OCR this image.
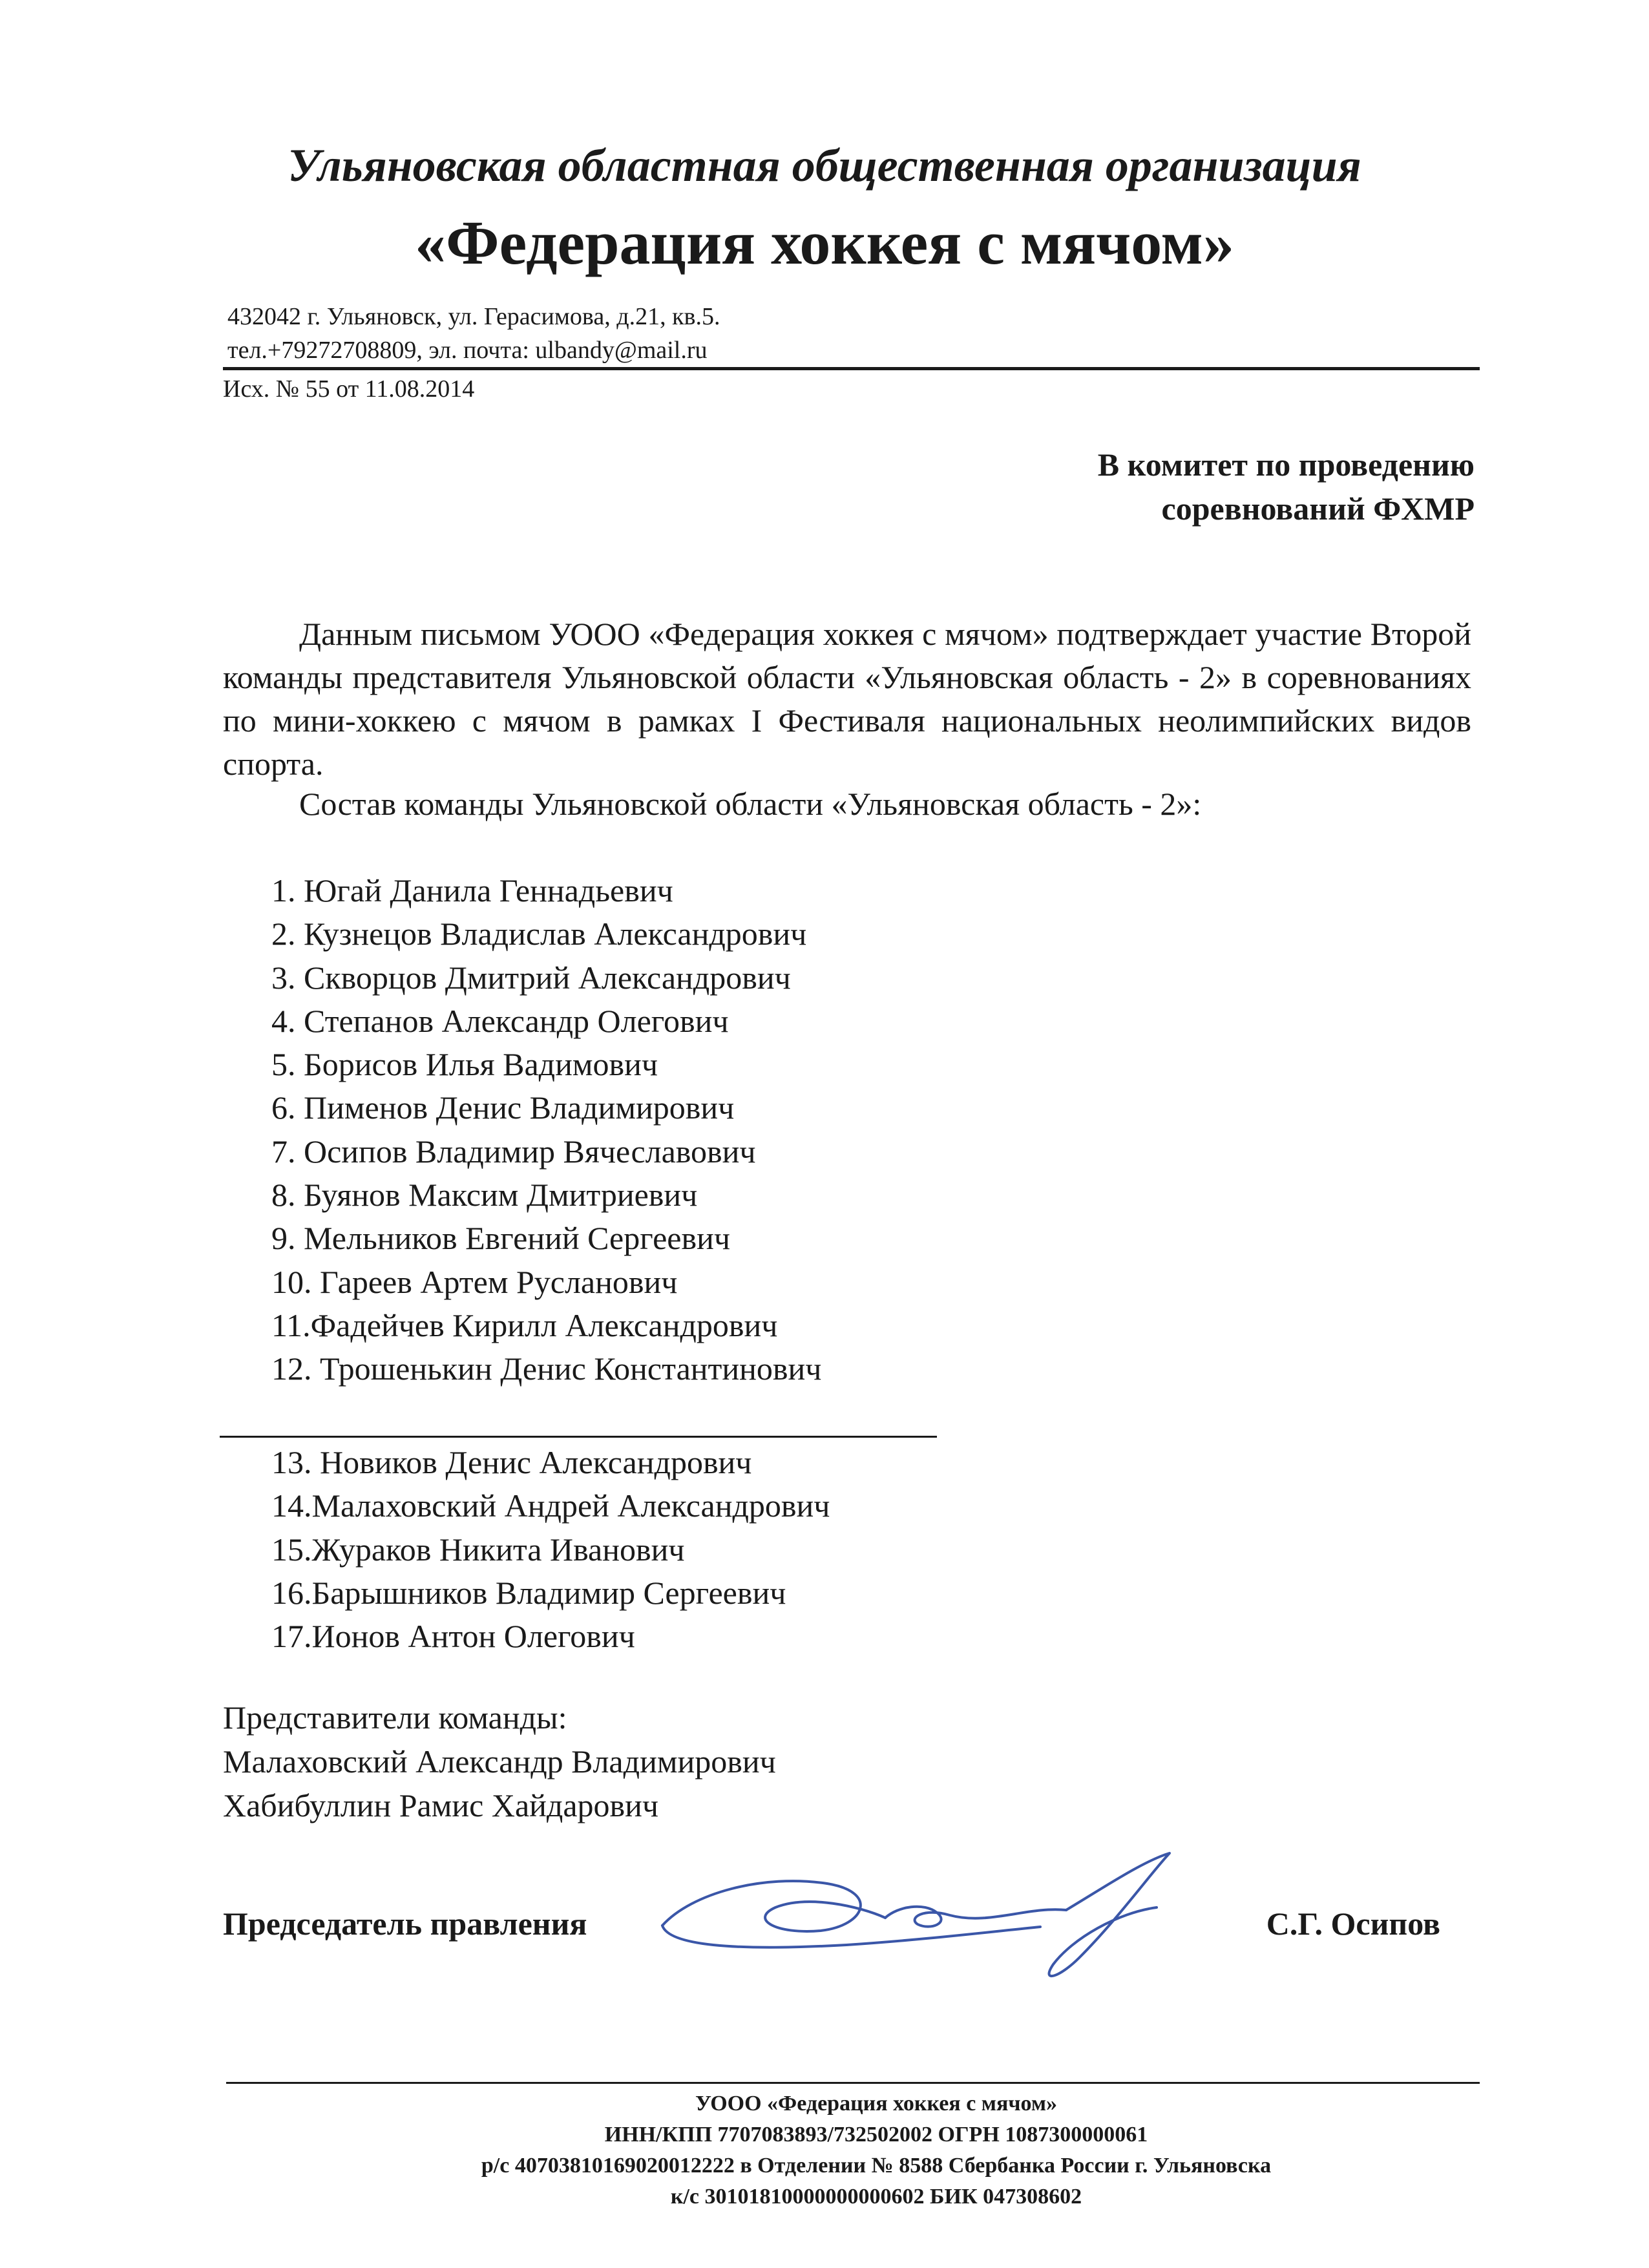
Ульяновская областная общественная организация
«Федерация хоккея с мячом»
432042 г. Ульяновск, ул. Герасимова, д.21, кв.5.
тел.+79272708809, эл. почта: ulbandy@mail.ru
Исх. № 55 от 11.08.2014
В комитет по проведению
соревнований ФХМР

Данным письмом УООО «Федерация хоккея с мячом» подтверждает участие Второй команды представителя Ульяновской области «Ульяновская область - 2» в соревнованиях по мини-хоккею с мячом в рамках I Фестиваля национальных неолимпийских видов спорта.

Состав команды Ульяновской области «Ульяновская область - 2»:
1. Югай Данила Геннадьевич
2. Кузнецов Владислав Александрович
3. Скворцов Дмитрий Александрович
4. Степанов Александр Олегович
5. Борисов Илья Вадимович
6. Пименов Денис Владимирович
7. Осипов Владимир Вячеславович
8. Буянов Максим Дмитриевич
9. Мельников Евгений Сергеевич
10. Гареев Артем Русланович
11.Фадейчев Кирилл Александрович
12. Трошенькин Денис Константинович
13. Новиков Денис Александрович
14.Малаховский Андрей Александрович
15.Жураков Никита Иванович
16.Барышников Владимир Сергеевич
17.Ионов Антон Олегович
Представители команды:
Малаховский Александр Владимирович
Хабибуллин Рамис Хайдарович
Председатель правления	С.Г. Осипов
УООО «Федерация хоккея с мячом»
ИНН/КПП 7707083893/732502002 ОГРН 1087300000061
р/с 40703810169020012222 в Отделении № 8588 Сбербанка России г. Ульяновска
к/с 30101810000000000602 БИК 047308602
